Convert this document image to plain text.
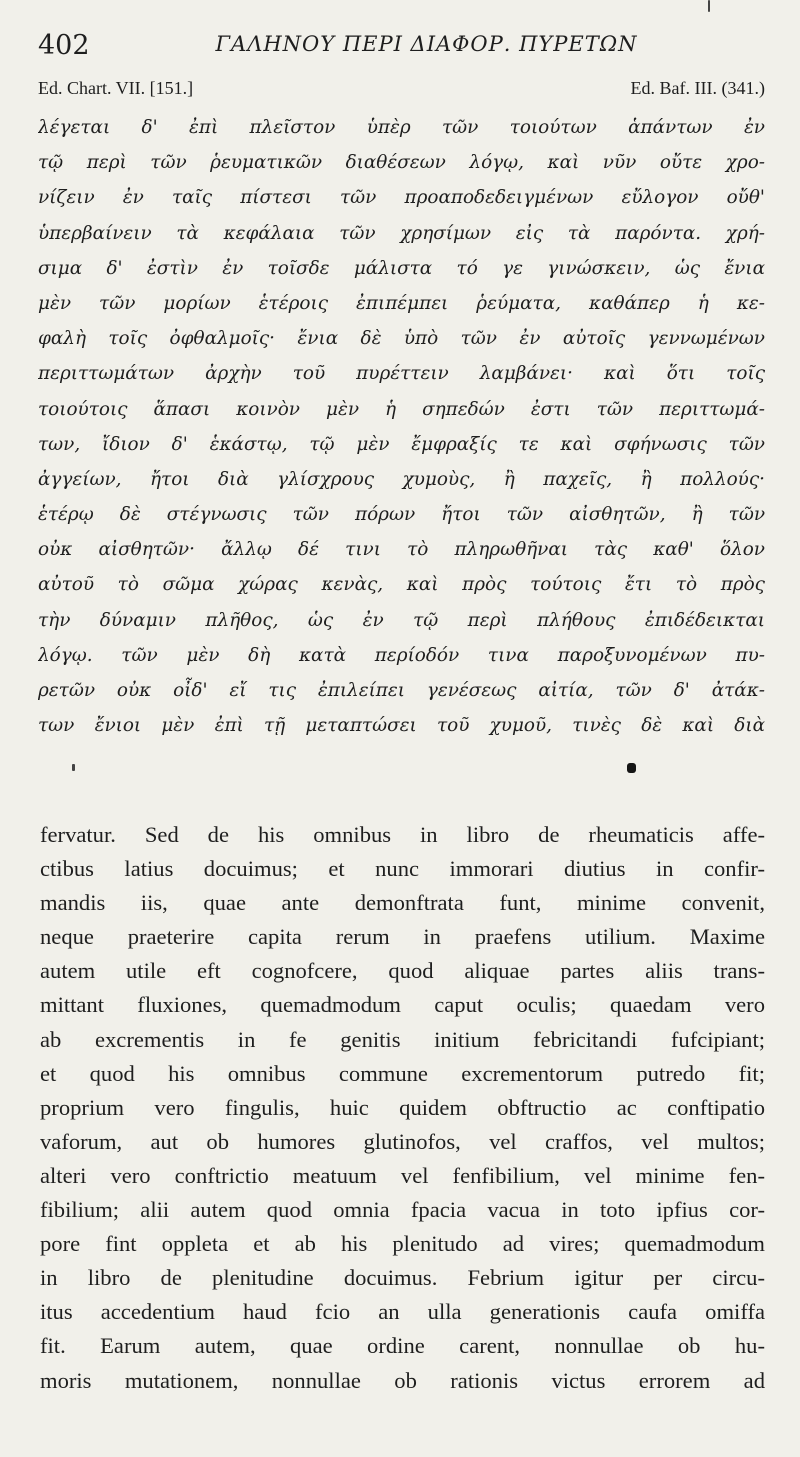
402	ΓΑΛΗΝΟΥ ΠΕΡΙ ΔΙΑΦΟΡ. ΠΥΡΕΤΩΝ
Ed. Chart. VII. [151.]	Ed. Baf. III. (341.)
λέγεται δ' ἐπὶ πλεῖστον ὑπὲρ τῶν τοιούτων ἁπάντων ἐν
τῷ περὶ τῶν ῥευματικῶν διαθέσεων λόγῳ, καὶ νῦν οὔτε χρο-
νίζειν ἐν ταῖς πίστεσι τῶν προαποδεδειγμένων εὔλογον οὔθ'
ὑπερβαίνειν τὰ κεφάλαια τῶν χρησίμων εἰς τὰ παρόντα. χρή-
σιμα δ' ἐστὶν ἐν τοῖσδε μάλιστα τό γε γινώσκειν, ὡς ἔνια
μὲν τῶν μορίων ἑτέροις ἐπιπέμπει ῥεύματα, καθάπερ ἡ κε-
φαλὴ τοῖς ὀφθαλμοῖς· ἔνια δὲ ὑπὸ τῶν ἐν αὐτοῖς γεννωμένων
περιττωμάτων ἀρχὴν τοῦ πυρέττειν λαμβάνει· καὶ ὅτι τοῖς
τοιούτοις ἅπασι κοινὸν μὲν ἡ σηπεδών ἐστι τῶν περιττωμά-
των, ἴδιον δ' ἑκάστῳ, τῷ μὲν ἔμφραξίς τε καὶ σφήνωσις τῶν
ἀγγείων, ἤτοι διὰ γλίσχρους χυμοὺς, ἢ παχεῖς, ἢ πολλούς·
ἑτέρῳ δὲ στέγνωσις τῶν πόρων ἤτοι τῶν αἰσθητῶν, ἢ τῶν
οὐκ αἰσθητῶν· ἄλλῳ δέ τινι τὸ πληρωθῆναι τὰς καθ' ὅλον
αὐτοῦ τὸ σῶμα χώρας κενὰς, καὶ πρὸς τούτοις ἔτι τὸ πρὸς
τὴν δύναμιν πλῆθος, ὡς ἐν τῷ περὶ πλήθους ἐπιδέδεικται
λόγῳ. τῶν μὲν δὴ κατὰ περίοδόν τινα παροξυνομένων πυ-
ρετῶν οὐκ οἶδ' εἴ τις ἐπιλείπει γενέσεως αἰτία, τῶν δ' ἀτάκ-
των ἔνιοι μὲν ἐπὶ τῇ μεταπτώσει τοῦ χυμοῦ, τινὲς δὲ καὶ διὰ
fervatur. Sed de his omnibus in libro de rheumaticis affe-
ctibus latius docuimus; et nunc immorari diutius in confir-
mandis iis, quae ante demonftrata funt, minime convenit,
neque praeterire capita rerum in praefens utilium. Maxime
autem utile eft cognofcere, quod aliquae partes aliis trans-
mittant fluxiones, quemadmodum caput oculis; quaedam vero
ab excrementis in fe genitis initium febricitandi fufcipiant;
et quod his omnibus commune excrementorum putredo fit;
proprium vero fingulis, huic quidem obftructio ac conftipatio
vaforum, aut ob humores glutinofos, vel craffos, vel multos;
alteri vero conftrictio meatuum vel fenfibilium, vel minime fen-
fibilium; alii autem quod omnia fpacia vacua in toto ipfius cor-
pore fint oppleta et ab his plenitudo ad vires; quemadmodum
in libro de plenitudine docuimus. Febrium igitur per circu-
itus accedentium haud fcio an ulla generationis caufa omiffa
fit. Earum autem, quae ordine carent, nonnullae ob hu-
moris mutationem, nonnullae ob rationis victus errorem ad
